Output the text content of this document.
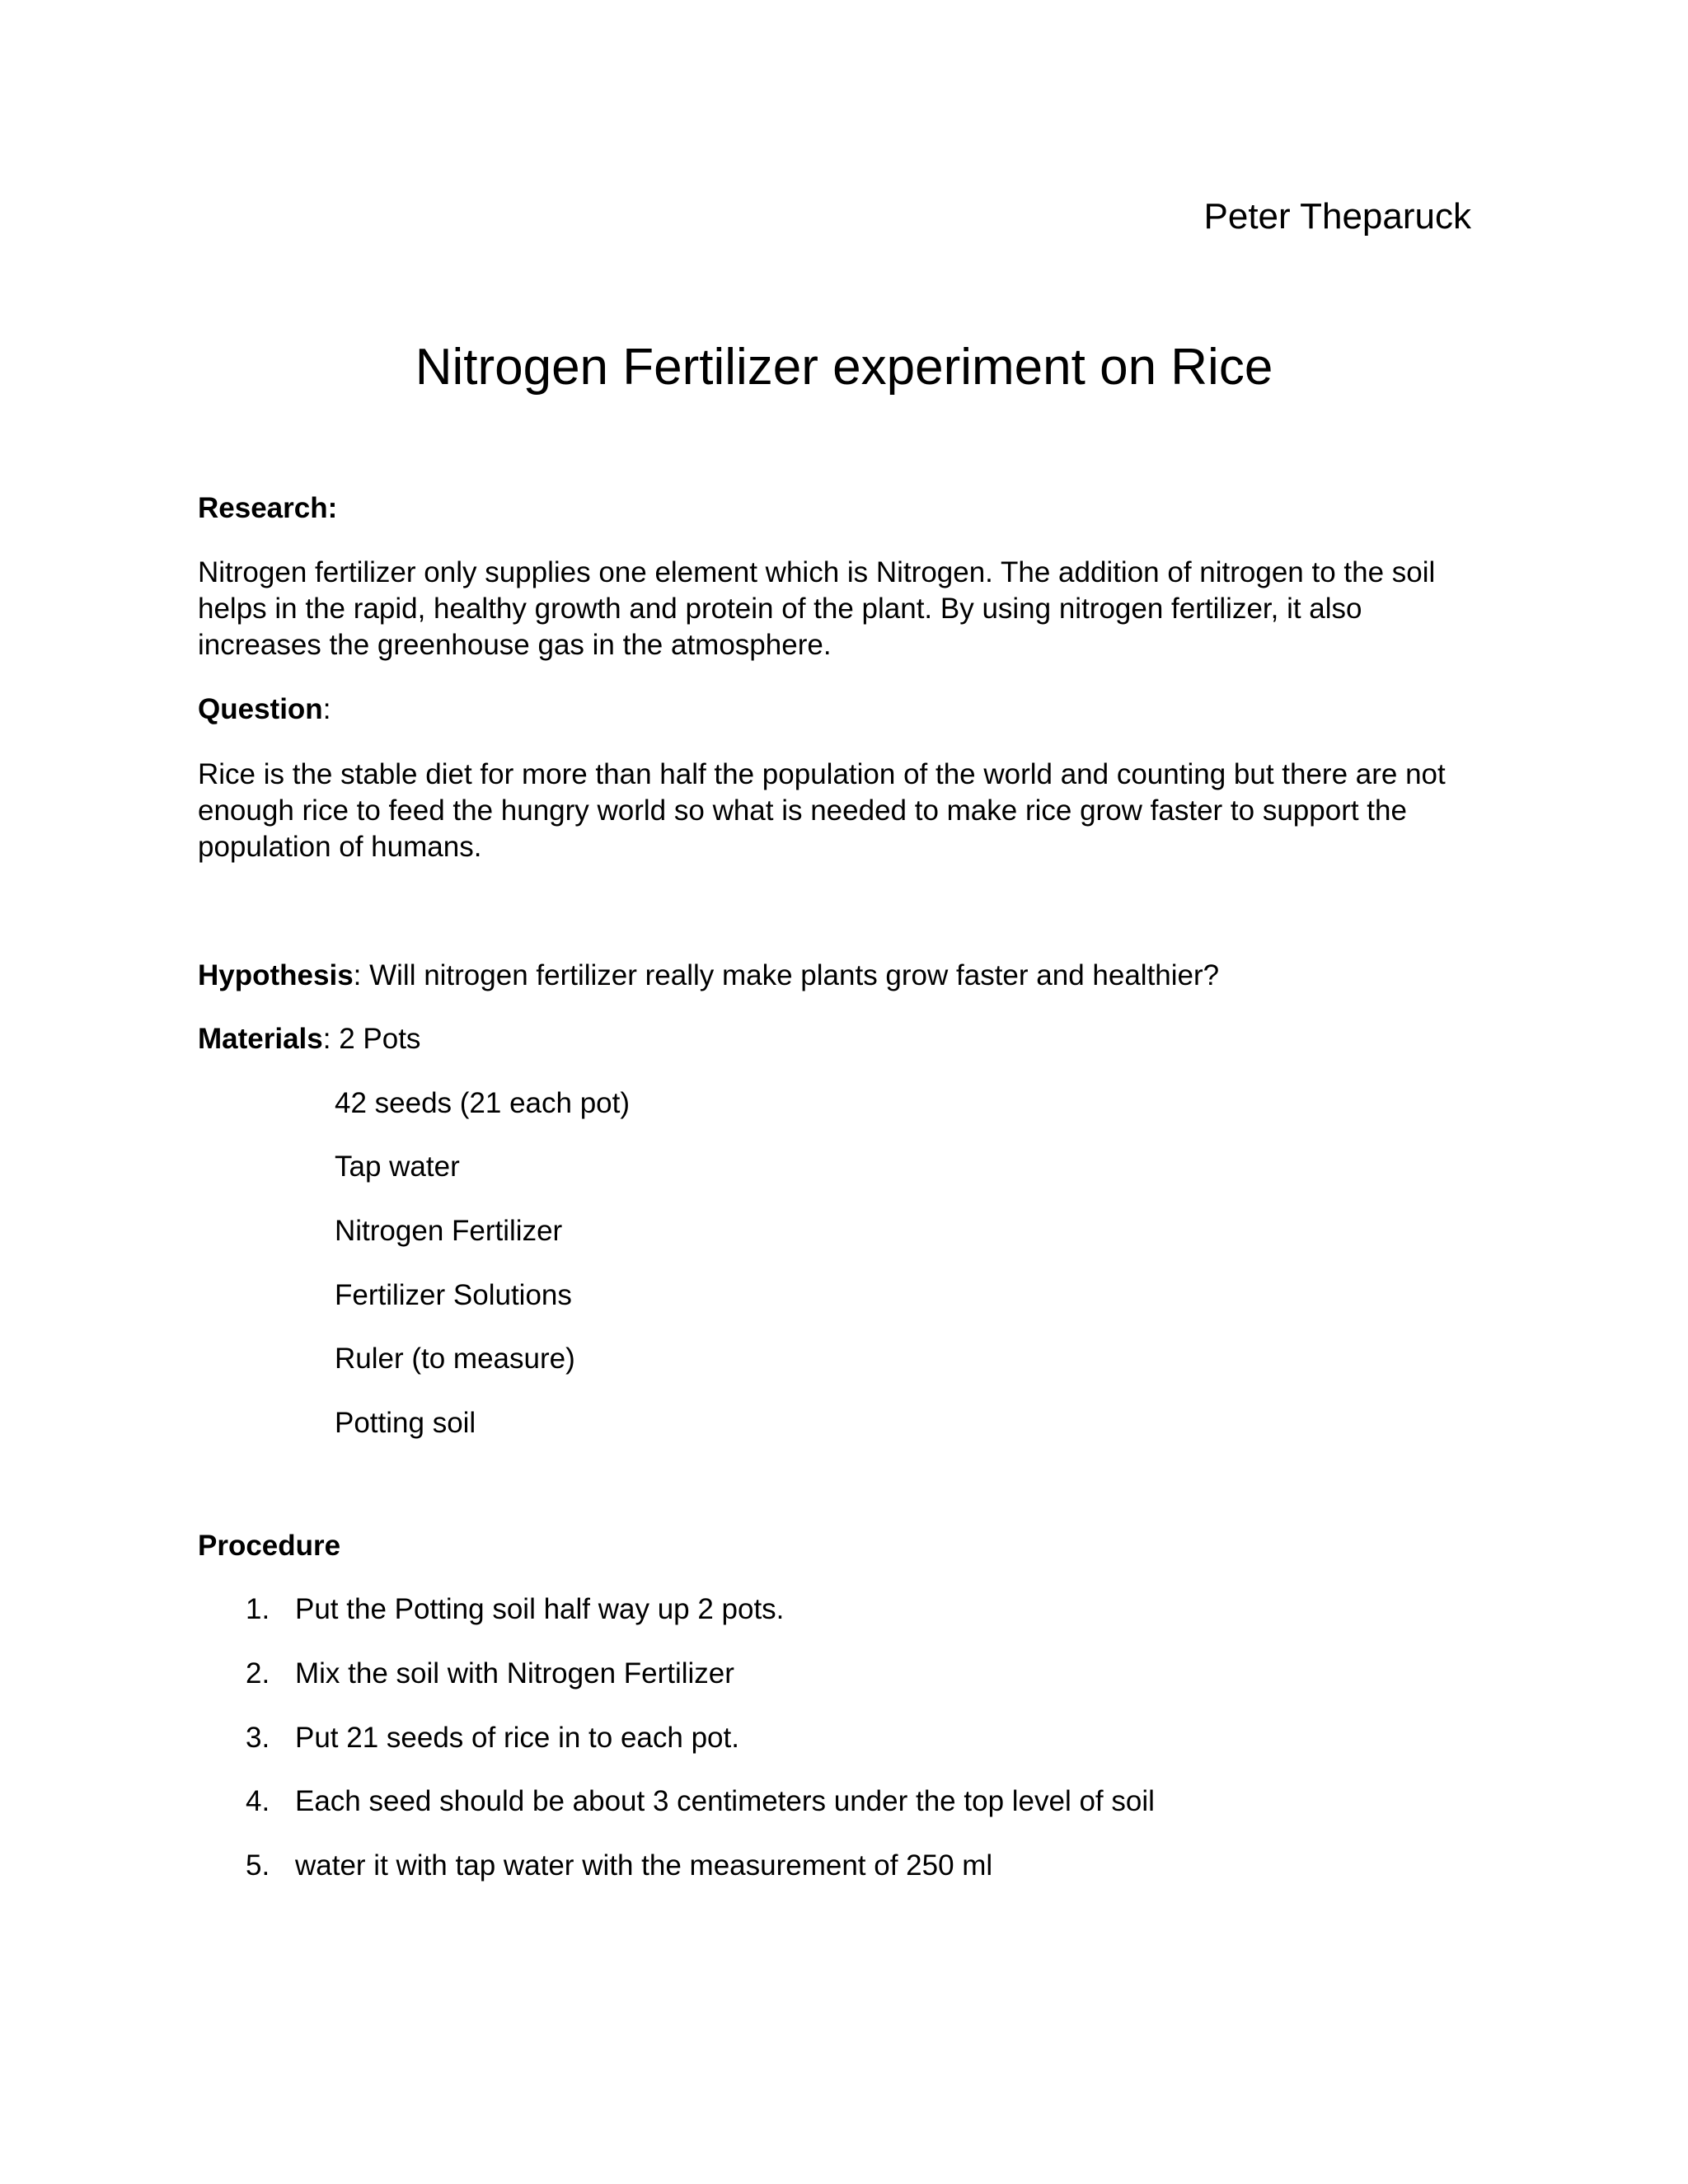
Peter Theparuck
Nitrogen Fertilizer experiment on Rice
Research:
Nitrogen fertilizer only supplies one element which is Nitrogen. The addition of nitrogen to the soil helps in the rapid, healthy growth and protein of the plant. By using nitrogen fertilizer, it also increases the greenhouse gas in the atmosphere.
Question:
Rice is the stable diet for more than half the population of the world and counting but there are not enough rice to feed the hungry world so what is needed to make rice grow faster to support the population of humans.
Hypothesis: Will nitrogen fertilizer really make plants grow faster and healthier?
Materials: 2 Pots
42 seeds (21 each pot)
Tap water
Nitrogen Fertilizer
Fertilizer Solutions
Ruler (to measure)
Potting soil
Procedure
1. Put the Potting soil half way up 2 pots.
2. Mix the soil with Nitrogen Fertilizer
3. Put 21 seeds of rice in to each pot.
4. Each seed should be about 3 centimeters under the top level of soil
5. water it with tap water with the measurement of 250 ml
